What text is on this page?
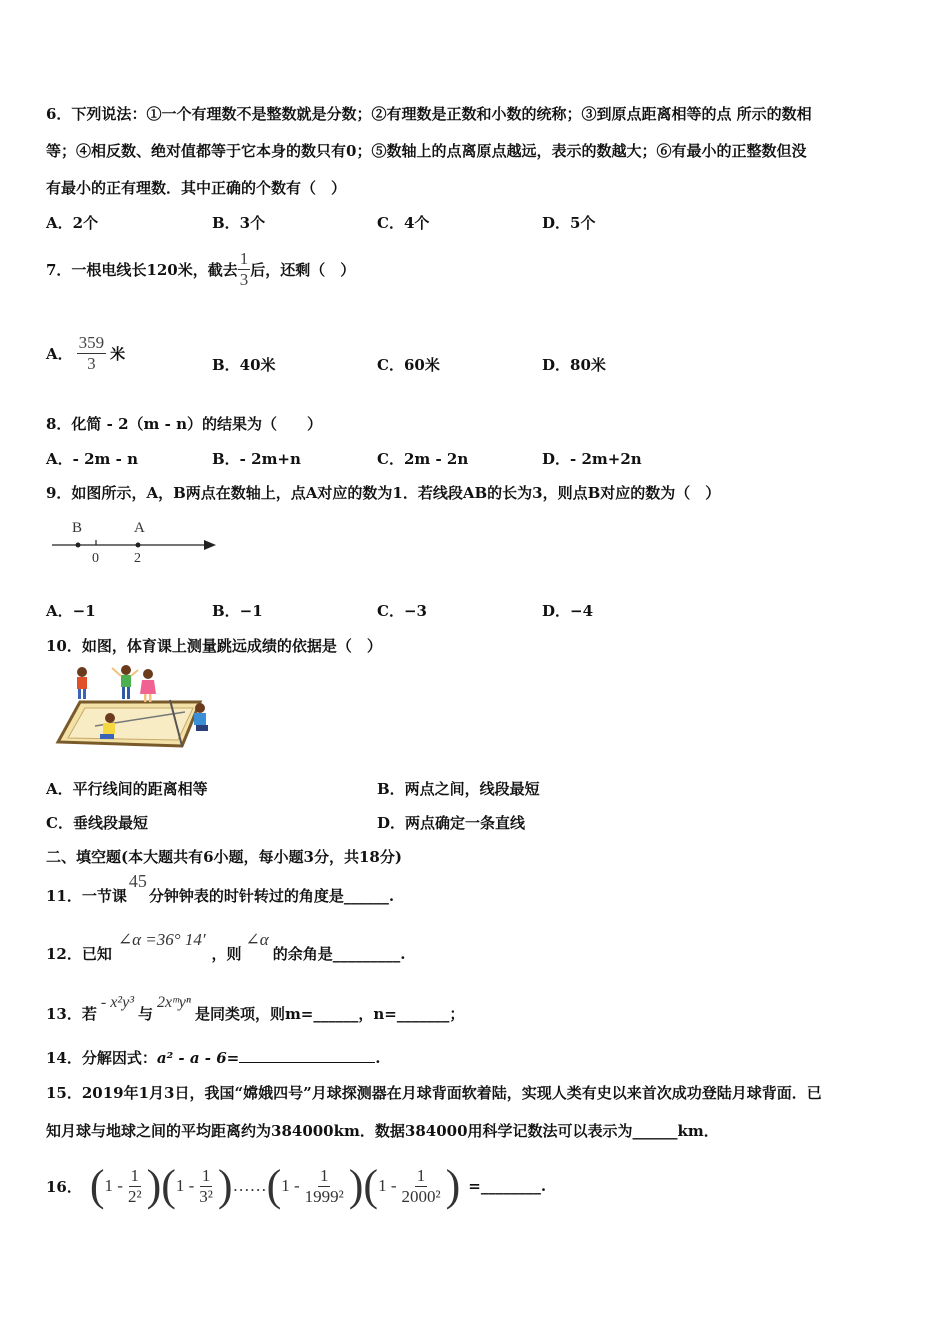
6．下列说法：①一个有理数不是整数就是分数；②有理数是正数和小数的统称；③到原点距离相等的点 所示的数相
等；④相反数、绝对值都等于它本身的数只有0；⑤数轴上的点离原点越远，表示的数越大；⑥有最小的正整数但没
有最小的正有理数．其中正确的个数有（　）
A．2个	B．3个	C．4个	D．5个
7．一根电线长120米，截去 $\frac{1}{3}$ 后，还剩（　）
A． $\frac{359}{3}$ 米
B．40米	C．60米	D．80米
8．化简 - 2（m - n）的结果为（　　）
A．- 2m - n	B．- 2m+n	C．2m - 2n	D．- 2m+2n
9．如图所示，A，B两点在数轴上，点A对应的数为1．若线段AB的长为3，则点B对应的数为（　）
B	A
0	2
A．−1	B．−1	C．−3	D．−4
10．如图，体育课上测量跳远成绩的依据是（　）
A．平行线间的距离相等	B．两点之间，线段最短
C．垂线段最短	D．两点确定一条直线
二、填空题(本大题共有6小题，每小题3分，共18分)
11．一节课
45
分钟钟表的时针转过的角度是______.
12．已知
∠α =36° 14′
，则
∠α
的余角是_________.
13．若
- x²y³
与
2xᵐyⁿ
是同类项，则m=______，n=_______；
14．分解因式：a² - a - 6=	.
15．2019年1月3日，我国“嫦娥四号”月球探测器在月球背面软着陆，实现人类有史以来首次成功登陆月球背面．已
知月球与地球之间的平均距离约为384000km．数据384000用科学记数法可以表示为______km．
16． ( $1 - \frac{1}{\text{2²}}$ ) ( $1 - \frac{1}{\text{3²}}$ ) …… ( $1 - \frac{1}{\text{1999²}}$ ) ( $1 - \frac{1}{\text{2000²}}$ ) =________.
